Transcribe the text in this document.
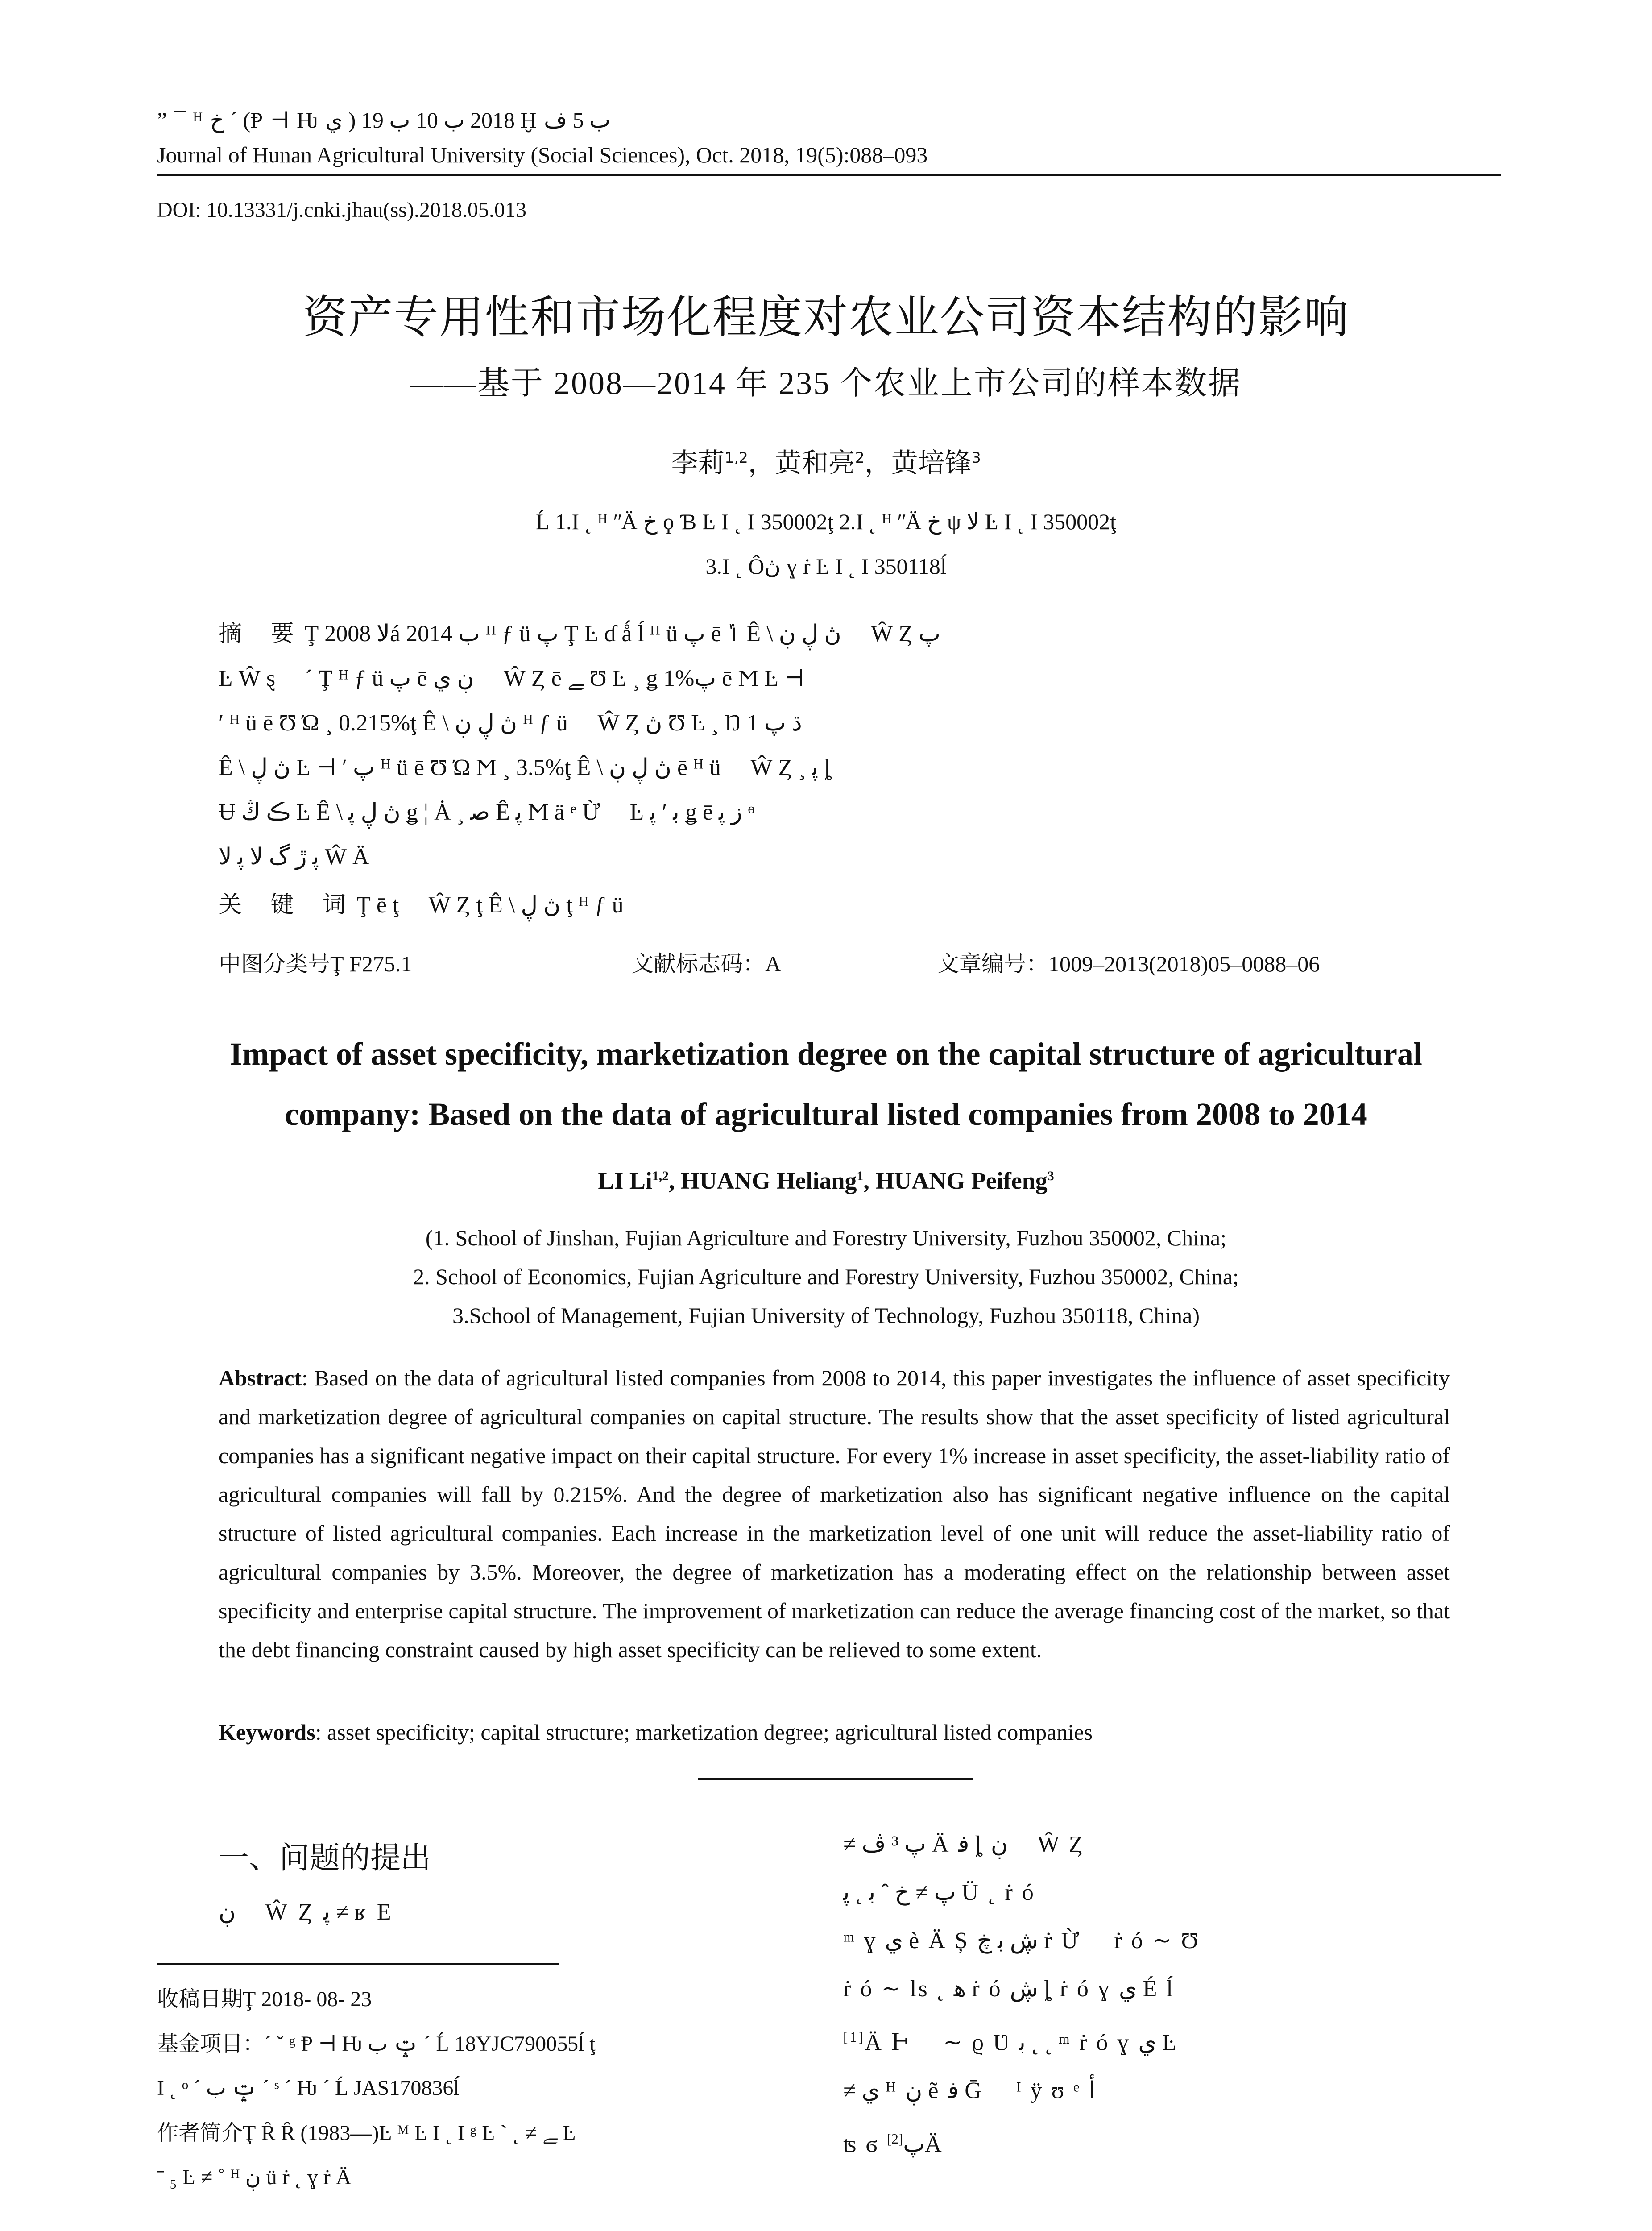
” ¯ ᴴ خ ˊ (Ᵽ ⊣ Ƕ ي ) 2018 ب 10 ب 19 Ḫ ب 5 ف
Journal of Hunan Agricultural University (Social Sciences), Oct. 2018, 19(5):088–093
DOI: 10.13331/j.cnki.jhau(ss).2018.05.013
资产专用性和市场化程度对农业公司资本结构的影响
——基于 2008—2014 年 235 个农业上市公司的样本数据
李莉$^{1,2}$，黄和亮$^2$，黄培锋$^3$
Ĺ 1.Ι ˛ ᴴ ʺÄ خ ϙ Ɓ Ŀ Ι ˛ Ι 350002ţ 2.Ι ˛ ᴴ ʺÄ خ ψ ﻻ Ŀ Ι ˛ Ι 350002ţ
3.Ι ˛ Ôڽ ɣ ṙ Ŀ Ι ˛ Ι 350118ĺ
摘 要Ţ ﻻ 2008á 2014 ب ᴴ ƒ ü پ Ţ Ŀ ɗ ǻ ĺ ᴴ ü پ ē ݴ Ê \ ڽ ڸ ڹ ⃞ Ŵ Ȥ پ
Ŀ Ŵ ȿ ⃞ ˊ Ţ ᴴ ƒ ü پ ē ڹ ي ⃞ Ŵ Ȥ ē ﮯ Ʊ Ŀ ¸ ǥ 1%پ ē Ϻ Ŀ ⊣
ʹ ᴴ ü ē Ʊ Ώ ¸ 0.215%ţ Ê \ ڽ ڸ ڹ ᴴ ƒ ü ⃞ Ŵ Ȥ ڽ Ʊ Ŀ ¸ Ŋ 1 ڌ پ
Ê \ ڽ ڸ Ŀ ⊣ ʹ پ ᴴ ü ē Ʊ Ώ Ϻ ¸ 3.5%ţ Ê \ ڽ ڸ ڹ ē ᴴ ü ⃞ Ŵ Ȥ ¸ ﭘ ȴ
Ʉ ڪ ﯓ Ŀ Ê \ ڽ ڸ ﭘ ǥ ¦ Ȧ ¸ ﺻ Ê ﭘ Ϻ ä ᵉ Ừ ⃞ Ŀ ﺑ ʹ ﭘ ǥ ē ﺯ ﭘ ᶱ
ﭘ ڙ ﮒ ﻻ ﭘ ﻻ Ŵ Ä
关 键 词Ţ ē ţ ⃞ Ŵ Ȥ ţ Ê \ ڽ ڸ ţ ᴴ ƒ ü
中图分类号Ţ F275.1	文献标志码：A	文章编号：1009–2013(2018)05–0088–06
Impact of asset specificity, marketization degree on the capital structure of agricultural company: Based on the data of agricultural listed companies from 2008 to 2014
LI Li$^{1,2}$, HUANG Heliang$^1$, HUANG Peifeng$^3$
(1. School of Jinshan, Fujian Agriculture and Forestry University, Fuzhou 350002, China;
2. School of Economics, Fujian Agriculture and Forestry University, Fuzhou 350002, China;
3.School of Management, Fujian University of Technology, Fuzhou 350118, China)
Abstract: Based on the data of agricultural listed companies from 2008 to 2014, this paper investigates the influence of asset specificity and marketization degree of agricultural companies on capital structure. The results show that the asset specificity of listed agricultural companies has a significant negative impact on their capital structure. For every 1% increase in asset specificity, the asset-liability ratio of agricultural companies will fall by 0.215%. And the degree of marketization also has significant negative influence on the capital structure of listed agricultural companies. Each increase in the marketization level of one unit will reduce the asset-liability ratio of agricultural companies by 3.5%. Moreover, the degree of marketization has a moderating effect on the relationship between asset specificity and enterprise capital structure. The improvement of marketization can reduce the average financing cost of the market, so that the debt financing constraint caused by high asset specificity can be relieved to some extent.
Keywords: asset specificity; capital structure; marketization degree; agricultural listed companies
一、问题的提出
ڹ ⃞ Ŵ Ȥ ﭘ ≠ ʁ Ε
收稿日期Ţ 2018‐ 08‐ 23
基金项目：ˊ ˇ ᵍ Ᵽ ⊣ Ƕ ݓ ب ˊ Ĺ 18YJC790055ĺ ţ
Ι ˛ ᵒ ˊ ݓ ب ˊ ˢ ˊ Ƕ ˊ Ĺ JAS170836ĺ
作者简介Ţ Ȓ Ȓ (1983—)Ŀ ᴹ Ŀ Ι ˛ Ι ᵍ Ŀ ˋ ˛ ≠ ﮯ Ŀ
ˉ ₅ Ŀ ≠ ˚ ᴴ ڹ ü ṙ ˛ ɣ ṙ Ä
≠ پ ³ ڤ Ä ﻓ ȴ ڹ ⃞ Ŵ Ȥ
پ ≠ خ ˆ ﺑ ˛ ﭘ Ü ˛ ṙ ó
ᵐ ɣ ي è Ä Ș ڜ ﺑ ڿ ṙ Ừ ⃞ ṙ ó ∼ Ʊ
ṙ ó ∼ ls ˛ ﻫ ṙ ó ڜ ȴ ṙ ó ɣ ي É ĺ
[1]Ä Ͱ ⃞ ∼ ϱ Ʋ ﺑ ˛ ˛ ᵐ ṙ ó ɣ ي Ŀ
≠ ي ᴴ ڹ ẽ ﻓ Ḡ ⃞ ᴵ ÿ ʊ ᵉ ﺃ
ʦ ϭ پ[2] Ä
